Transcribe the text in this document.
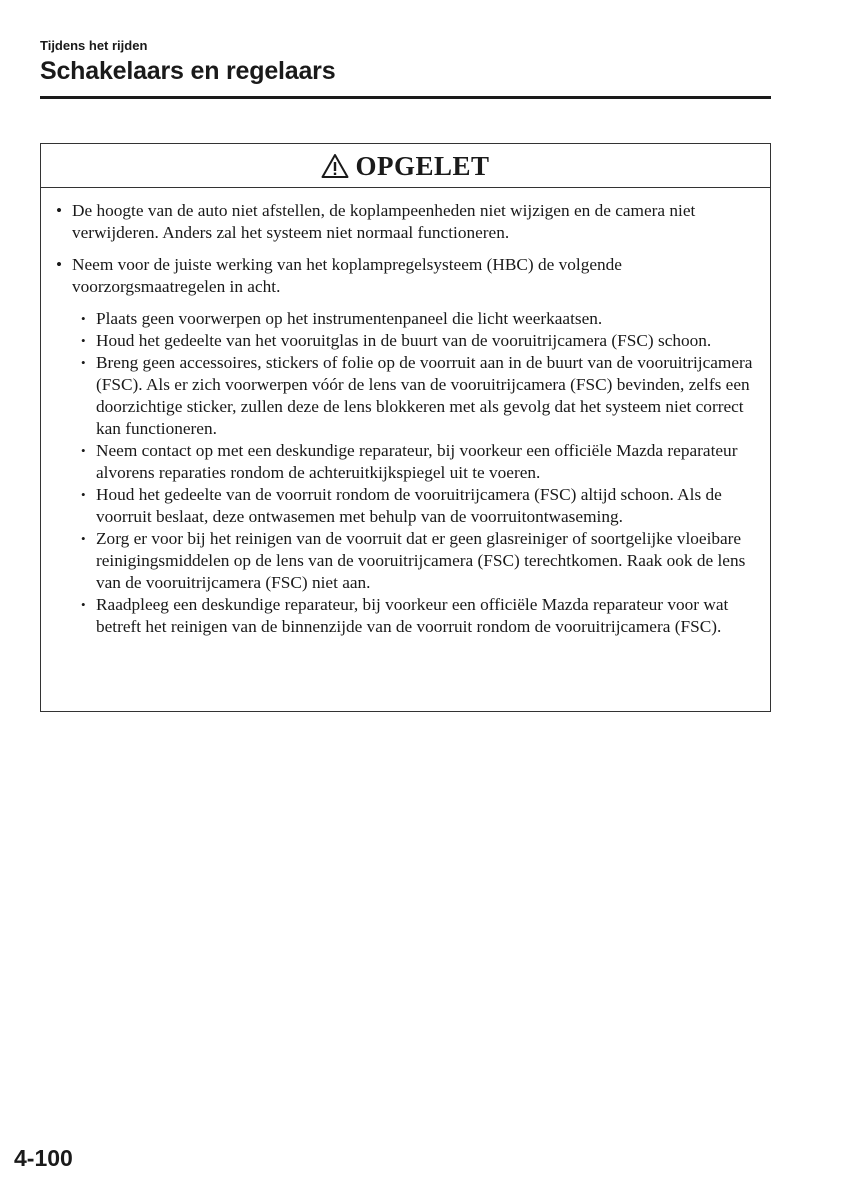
Tijdens het rijden
Schakelaars en regelaars
OPGELET
• De hoogte van de auto niet afstellen, de koplampeenheden niet wijzigen en de camera niet verwijderen. Anders zal het systeem niet normaal functioneren.
• Neem voor de juiste werking van het koplampregelsysteem (HBC) de volgende voorzorgsmaatregelen in acht.
• Plaats geen voorwerpen op het instrumentenpaneel die licht weerkaatsen.
• Houd het gedeelte van het vooruitglas in de buurt van de vooruitrijcamera (FSC) schoon.
• Breng geen accessoires, stickers of folie op de voorruit aan in de buurt van de vooruitrijcamera (FSC). Als er zich voorwerpen vóór de lens van de vooruitrijcamera (FSC) bevinden, zelfs een doorzichtige sticker, zullen deze de lens blokkeren met als gevolg dat het systeem niet correct kan functioneren.
• Neem contact op met een deskundige reparateur, bij voorkeur een officiële Mazda reparateur alvorens reparaties rondom de achteruitkijkspiegel uit te voeren.
• Houd het gedeelte van de voorruit rondom de vooruitrijcamera (FSC) altijd schoon. Als de voorruit beslaat, deze ontwasemen met behulp van de voorruitontwaseming.
• Zorg er voor bij het reinigen van de voorruit dat er geen glasreiniger of soortgelijke vloeibare reinigingsmiddelen op de lens van de vooruitrijcamera (FSC) terechtkomen. Raak ook de lens van de vooruitrijcamera (FSC) niet aan.
• Raadpleeg een deskundige reparateur, bij voorkeur een officiële Mazda reparateur voor wat betreft het reinigen van de binnenzijde van de voorruit rondom de vooruitrijcamera (FSC).
4-100
